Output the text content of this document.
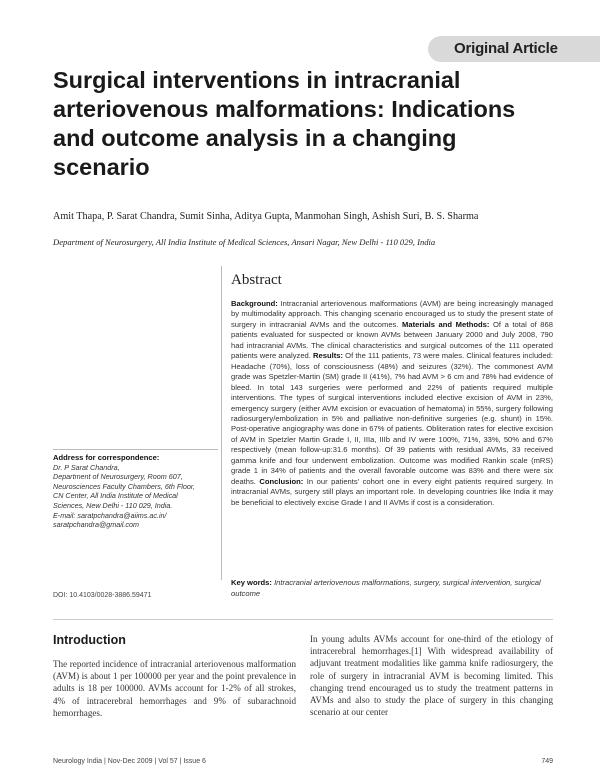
Original Article
Surgical interventions in intracranial arteriovenous malformations: Indications and outcome analysis in a changing scenario
Amit Thapa, P. Sarat Chandra, Sumit Sinha, Aditya Gupta, Manmohan Singh, Ashish Suri, B. S. Sharma
Department of Neurosurgery, All India Institute of Medical Sciences, Ansari Nagar, New Delhi - 110 029, India
Abstract
Background: Intracranial arteriovenous malformations (AVM) are being increasingly managed by multimodality approach. This changing scenario encouraged us to study the present state of surgery in intracranial AVMs and the outcomes. Materials and Methods: Of a total of 868 patients evaluated for suspected or known AVMs between January 2000 and July 2008, 790 had intracranial AVMs. The clinical characteristics and surgical outcomes of the 111 operated patients were analyzed. Results: Of the 111 patients, 73 were males. Clinical features included: Headache (70%), loss of consciousness (48%) and seizures (32%). The commonest AVM grade was Spetzler-Martin (SM) grade II (41%), 7% had AVM > 6 cm and 78% had evidence of bleed. In total 143 surgeries were performed and 22% of patients required multiple interventions. The types of surgical interventions included elective excision of AVM in 23%, emergency surgery (either AVM excision or evacuation of hematoma) in 55%, surgery following radiosurgery/embolization in 5% and palliative non-definitive surgeries (e.g. shunt) in 15%. Post-operative angiography was done in 67% of patients. Obliteration rates for elective excision of AVM in Spetzler Martin Grade I, II, IIIa, IIIb and IV were 100%, 71%, 33%, 50% and 67% respectively (mean follow-up:31.6 months). Of 39 patients with residual AVMs, 33 received gamma knife and four underwent embolization. Outcome was modified Rankin scale (mRS) grade 1 in 34% of patients and the overall favorable outcome was 83% and there were six deaths. Conclusion: In our patients' cohort one in every eight patients required surgery. In intracranial AVMs, surgery still plays an important role. In developing countries like India it may be beneficial to electively excise Grade I and II AVMs if cost is a consideration.
Key words: Intracranial arteriovenous malformations, surgery, surgical intervention, surgical outcome
Address for correspondence:
Dr. P Sarat Chandra,
Department of Neurosurgery, Room 607,
Neurosciences Faculty Chambers, 6th Floor,
CN Center, All India Institute of Medical
Sciences, New Delhi - 110 029, India.
E-mail: saratpchandra@aiims.ac.in/
saratpchandra@gmail.com
DOI: 10.4103/0028-3886.59471
Introduction

The reported incidence of intracranial arteriovenous malformation (AVM) is about 1 per 100000 per year and the point prevalence in adults is 18 per 100000. AVMs account for 1-2% of all strokes, 4% of intracerebral hemorrhages and 9% of subarachnoid hemorrhages.

In young adults AVMs account for one-third of the etiology of intracerebral hemorrhages.[1] With widespread availability of adjuvant treatment modalities like gamma knife radiosurgery, the role of surgery in intracranial AVM is becoming limited. This changing trend encouraged us to study the treatment patterns in AVMs and also to study the place of surgery in this changing scenario at our center

Neurology India | Nov-Dec 2009 | Vol 57 | Issue 6	749
